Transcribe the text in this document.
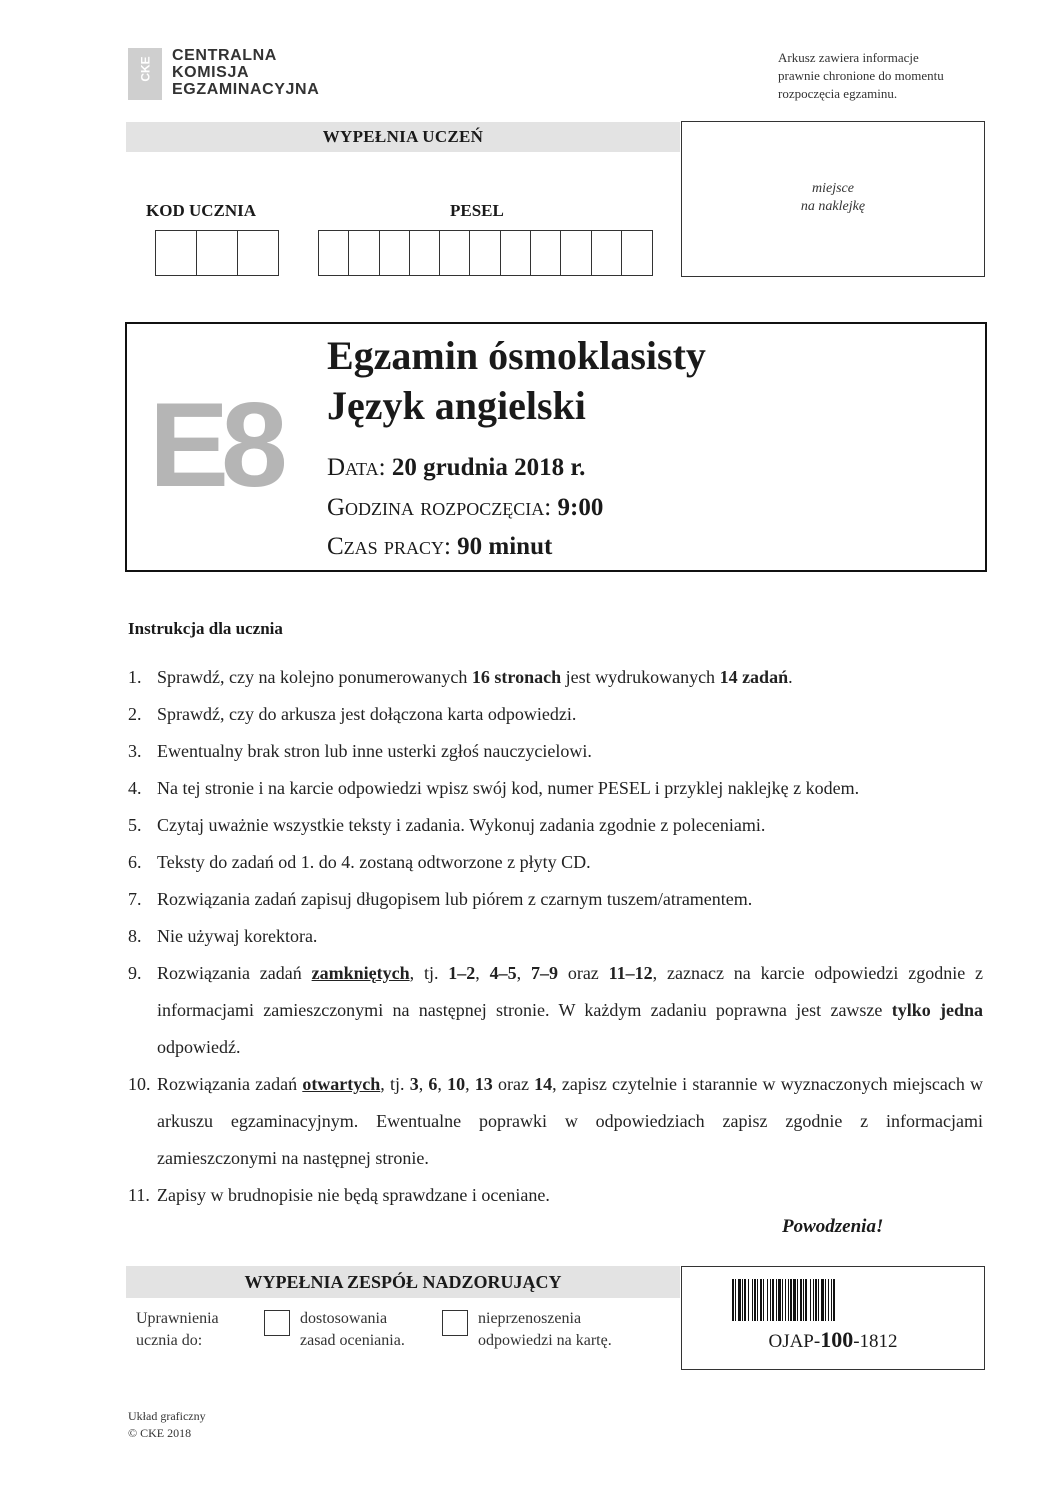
CKE
CENTRALNA
KOMISJA
EGZAMINACYJNA
Arkusz zawiera informacje
prawnie chronione do momentu
rozpoczęcia egzaminu.
WYPEŁNIA UCZEŃ
KOD UCZNIA	PESEL
miejsce
na naklejkę
E8
Egzamin ósmoklasisty
Język angielski
Data: 20 grudnia 2018 r.
Godzina rozpoczęcia: 9:00
Czas pracy: 90 minut
Instrukcja dla ucznia
1. Sprawdź, czy na kolejno ponumerowanych 16 stronach jest wydrukowanych 14 zadań.
2. Sprawdź, czy do arkusza jest dołączona karta odpowiedzi.
3. Ewentualny brak stron lub inne usterki zgłoś nauczycielowi.
4. Na tej stronie i na karcie odpowiedzi wpisz swój kod, numer PESEL i przyklej naklejkę z kodem.
5. Czytaj uważnie wszystkie teksty i zadania. Wykonuj zadania zgodnie z poleceniami.
6. Teksty do zadań od 1. do 4. zostaną odtworzone z płyty CD.
7. Rozwiązania zadań zapisuj długopisem lub piórem z czarnym tuszem/atramentem.
8. Nie używaj korektora.
9. Rozwiązania zadań zamkniętych, tj. 1–2, 4–5, 7–9 oraz 11–12, zaznacz na karcie odpowiedzi zgodnie z informacjami zamieszczonymi na następnej stronie. W każdym zadaniu poprawna jest zawsze tylko jedna odpowiedź.
10. Rozwiązania zadań otwartych, tj. 3, 6, 10, 13 oraz 14, zapisz czytelnie i starannie w wyznaczonych miejscach w arkuszu egzaminacyjnym. Ewentualne poprawki w odpowiedziach zapisz zgodnie z informacjami zamieszczonymi na następnej stronie.
11. Zapisy w brudnopisie nie będą sprawdzane i oceniane.
Powodzenia!
WYPEŁNIA ZESPÓŁ NADZORUJĄCY
Uprawnienia
ucznia do:
dostosowania
zasad oceniania.
nieprzenoszenia
odpowiedzi na kartę.	OJAP-100-1812
Układ graficzny
© CKE 2018
